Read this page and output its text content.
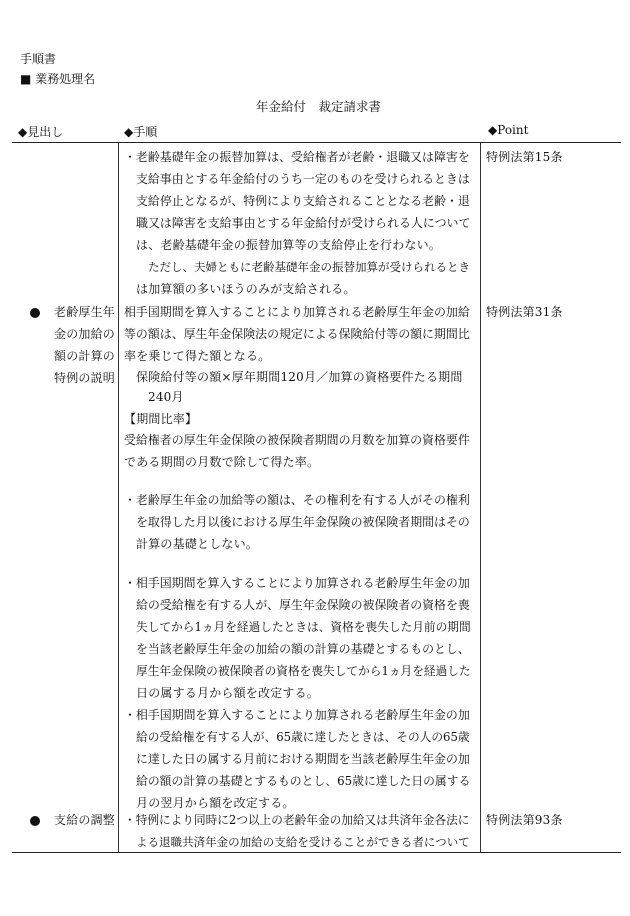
手順書
■ 業務処理名
年金給付　裁定請求書
◆見出し	◆手順	◆Point
・老齢基礎年金の振替加算は、受給権者が老齢・退職又は障害を
支給事由とする年金給付のうち一定のものを受けられるときは
支給停止となるが、特例により支給されることとなる老齢・退
職又は障害を支給事由とする年金給付が受けられる人について
は、老齢基礎年金の振替加算等の支給停止を行わない。
ただし、夫婦ともに老齢基礎年金の振替加算が受けられるとき
は加算額の多いほうのみが支給される。
特例法第15条
老齢厚生年
金の加給の
額の計算の
特例の説明
相手国期間を算入することにより加算される老齢厚生年金の加給
等の額は、厚生年金保険法の規定による保険給付等の額に期間比
率を乗じて得た額となる。
保険給付等の額×厚年期間120月／加算の資格要件たる期間
240月
【期間比率】
受給権者の厚生年金保険の被保険者期間の月数を加算の資格要件
である期間の月数で除して得た率。
・老齢厚生年金の加給等の額は、その権利を有する人がその権利
を取得した月以後における厚生年金保険の被保険者期間はその
計算の基礎としない。
・相手国期間を算入することにより加算される老齢厚生年金の加
給の受給権を有する人が、厚生年金保険の被保険者の資格を喪
失してから1ヵ月を経過したときは、資格を喪失した月前の期間
を当該老齢厚生年金の加給の額の計算の基礎とするものとし、
厚生年金保険の被保険者の資格を喪失してから1ヵ月を経過した
日の属する月から額を改定する。
・相手国期間を算入することにより加算される老齢厚生年金の加
給の受給権を有する人が、65歳に達したときは、その人の65歳
に達した日の属する月前における期間を当該老齢厚生年金の加
給の額の計算の基礎とするものとし、65歳に達した日の属する
月の翌月から額を改定する。
特例法第31条
支給の調整 ・特例により同時に2つ以上の老齢年金の加給又は共済年金各法に
よる退職共済年金の加給の支給を受けることができる者について
特例法第93条
